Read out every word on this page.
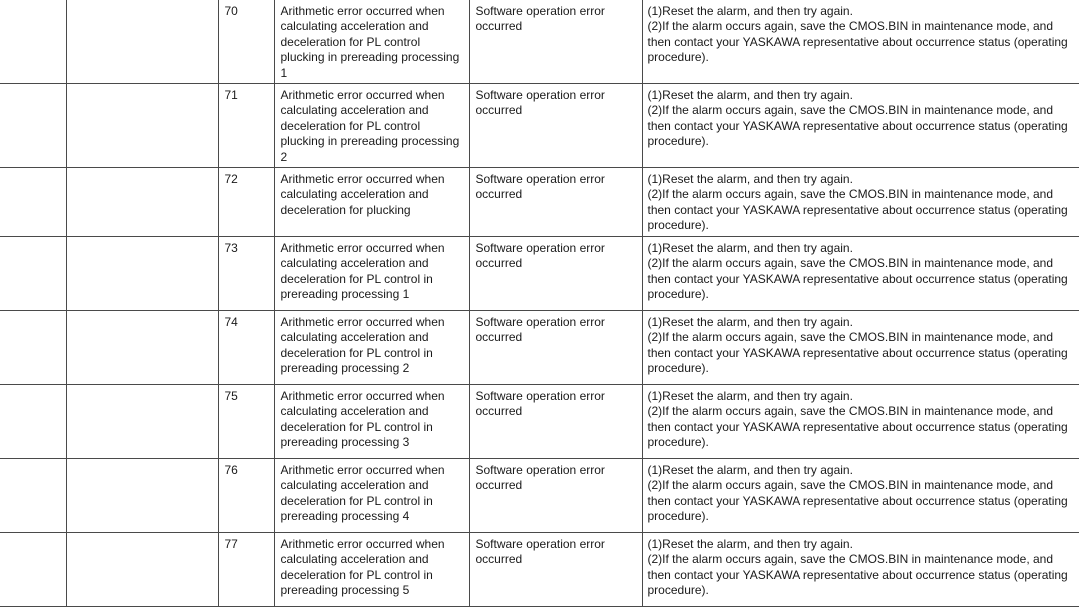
		70	Arithmetic error occurred when calculating acceleration and deceleration for PL control plucking in prereading processing 1	Software operation error occurred	(1)Reset the alarm, and then try again.
(2)If the alarm occurs again, save the CMOS.BIN in maintenance mode, and then contact your YASKAWA representative about occurrence status (operating procedure).

		71	Arithmetic error occurred when calculating acceleration and deceleration for PL control plucking in prereading processing 2	Software operation error occurred	(1)Reset the alarm, and then try again.
(2)If the alarm occurs again, save the CMOS.BIN in maintenance mode, and then contact your YASKAWA representative about occurrence status (operating procedure).

		72	Arithmetic error occurred when calculating acceleration and deceleration for plucking	Software operation error occurred	(1)Reset the alarm, and then try again.
(2)If the alarm occurs again, save the CMOS.BIN in maintenance mode, and then contact your YASKAWA representative about occurrence status (operating procedure).

		73	Arithmetic error occurred when calculating acceleration and deceleration for PL control in prereading processing 1	Software operation error occurred	(1)Reset the alarm, and then try again.
(2)If the alarm occurs again, save the CMOS.BIN in maintenance mode, and then contact your YASKAWA representative about occurrence status (operating procedure).

		74	Arithmetic error occurred when calculating acceleration and deceleration for PL control in prereading processing 2	Software operation error occurred	(1)Reset the alarm, and then try again.
(2)If the alarm occurs again, save the CMOS.BIN in maintenance mode, and then contact your YASKAWA representative about occurrence status (operating procedure).

		75	Arithmetic error occurred when calculating acceleration and deceleration for PL control in prereading processing 3	Software operation error occurred	(1)Reset the alarm, and then try again.
(2)If the alarm occurs again, save the CMOS.BIN in maintenance mode, and then contact your YASKAWA representative about occurrence status (operating procedure).

		76	Arithmetic error occurred when calculating acceleration and deceleration for PL control in prereading processing 4	Software operation error occurred	(1)Reset the alarm, and then try again.
(2)If the alarm occurs again, save the CMOS.BIN in maintenance mode, and then contact your YASKAWA representative about occurrence status (operating procedure).

		77	Arithmetic error occurred when calculating acceleration and deceleration for PL control in prereading processing 5	Software operation error occurred	(1)Reset the alarm, and then try again.
(2)If the alarm occurs again, save the CMOS.BIN in maintenance mode, and then contact your YASKAWA representative about occurrence status (operating procedure).
